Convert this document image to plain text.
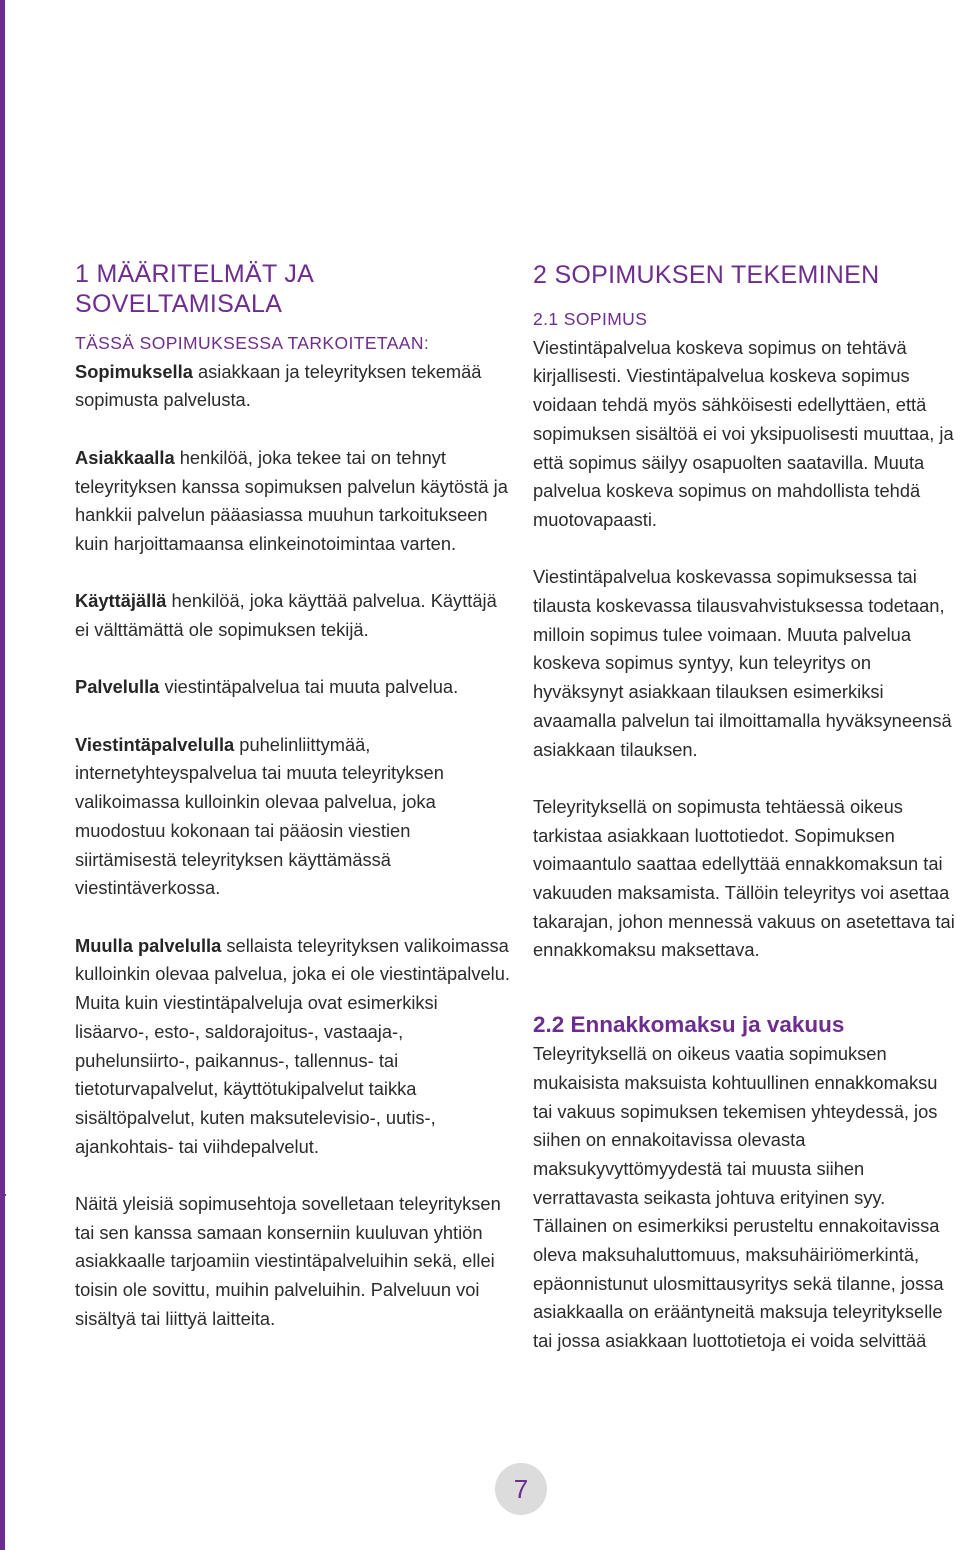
1 MÄÄRITELMÄT JA SOVELTAMISALA

TÄSSÄ SOPIMUKSESSA TARKOITETAAN:
Sopimuksella asiakkaan ja teleyrityksen tekemää sopimusta palvelusta.

Asiakkaalla henkilöä, joka tekee tai on tehnyt teleyrityksen kanssa sopimuksen palvelun käytöstä ja hankkii palvelun pääasiassa muuhun tarkoitukseen kuin harjoittamaansa elinkeinotoimintaa varten.

Käyttäjällä henkilöä, joka käyttää palvelua. Käyttäjä ei välttämättä ole sopimuksen tekijä.

Palvelulla viestintäpalvelua tai muuta palvelua.

Viestintäpalvelulla puhelinliittymää, internetyhteyspalvelua tai muuta teleyrityksen valikoimassa kulloinkin olevaa palvelua, joka muodostuu kokonaan tai pääosin viestien siirtämisestä teleyrityksen käyttämässä viestintäverkossa.

Muulla palvelulla sellaista teleyrityksen valikoimassa kulloinkin olevaa palvelua, joka ei ole viestintäpalvelu. Muita kuin viestintäpalveluja ovat esimerkiksi lisäarvo-, esto-, saldorajoitus-, vastaaja-, puhelunsiirto-, paikannus-, tallennus- tai tietoturvapalvelut, käyttötukipalvelut taikka sisältöpalvelut, kuten maksutelevisio-, uutis-, ajankohtais- tai viihdepalvelut.

Näitä yleisiä sopimusehtoja sovelletaan teleyrityksen tai sen kanssa samaan konserniin kuuluvan yhtiön asiakkaalle tarjoamiin viestintäpalveluihin sekä, ellei toisin ole sovittu, muihin palveluihin. Palveluun voi sisältyä tai liittyä laitteita.

2 SOPIMUKSEN TEKEMINEN

2.1 SOPIMUS
Viestintäpalvelua koskeva sopimus on tehtävä kirjallisesti. Viestintäpalvelua koskeva sopimus voidaan tehdä myös sähköisesti edellyttäen, että sopimuksen sisältöä ei voi yksipuolisesti muuttaa, ja että sopimus säilyy osapuolten saatavilla. Muuta palvelua koskeva sopimus on mahdollista tehdä muotovapaasti.

Viestintäpalvelua koskevassa sopimuksessa tai tilausta koskevassa tilausvahvistuksessa todetaan, milloin sopimus tulee voimaan. Muuta palvelua koskeva sopimus syntyy, kun teleyritys on hyväksynyt asiakkaan tilauksen esimerkiksi avaamalla palvelun tai ilmoittamalla hyväksyneensä asiakkaan tilauksen.

Teleyrityksellä on sopimusta tehtäessä oikeus tarkistaa asiakkaan luottotiedot. Sopimuksen voimaantulo saattaa edellyttää ennakkomaksun tai vakuuden maksamista. Tällöin teleyritys voi asettaa takarajan, johon mennessä vakuus on asetettava tai ennakkomaksu maksettava.

2.2 Ennakkomaksu ja vakuus

Teleyrityksellä on oikeus vaatia sopimuksen mukaisista maksuista kohtuullinen ennakkomaksu tai vakuus sopimuksen tekemisen yhteydessä, jos siihen on ennakoitavissa olevasta maksukyvyttömyydestä tai muusta siihen verrattavasta seikasta johtuva erityinen syy. Tällainen on esimerkiksi perusteltu ennakoitavissa oleva maksuhaluttomuus, maksuhäiriömerkintä, epäonnistunut ulosmittausyritys sekä tilanne, jossa asiakkaalla on erääntyneitä maksuja teleyritykselle tai jossa asiakkaan luottotietoja ei voida selvittää

7
